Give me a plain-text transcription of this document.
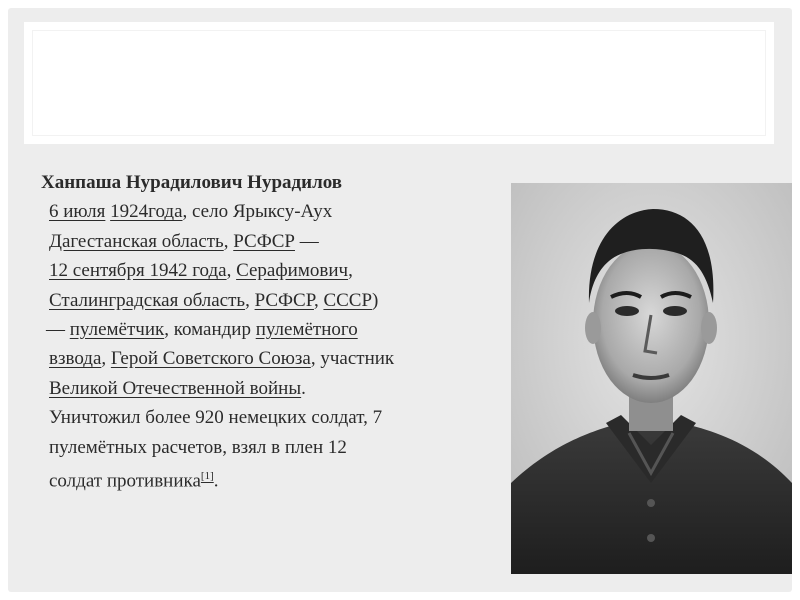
Ханпаша Нурадилович Нурадилов
6 июля 1924года, село Ярыксу-Аух
Дагестанская область, РСФСР —
12 сентября 1942 года, Серафимович,
Сталинградская область, РСФСР, СССР)
— пулемётчик, командир пулемётного
взвода, Герой Советского Союза, участник
Великой Отечественной войны.
Уничтожил более 920 немецких солдат, 7
пулемётных расчетов, взял в плен 12
солдат противника[1].
